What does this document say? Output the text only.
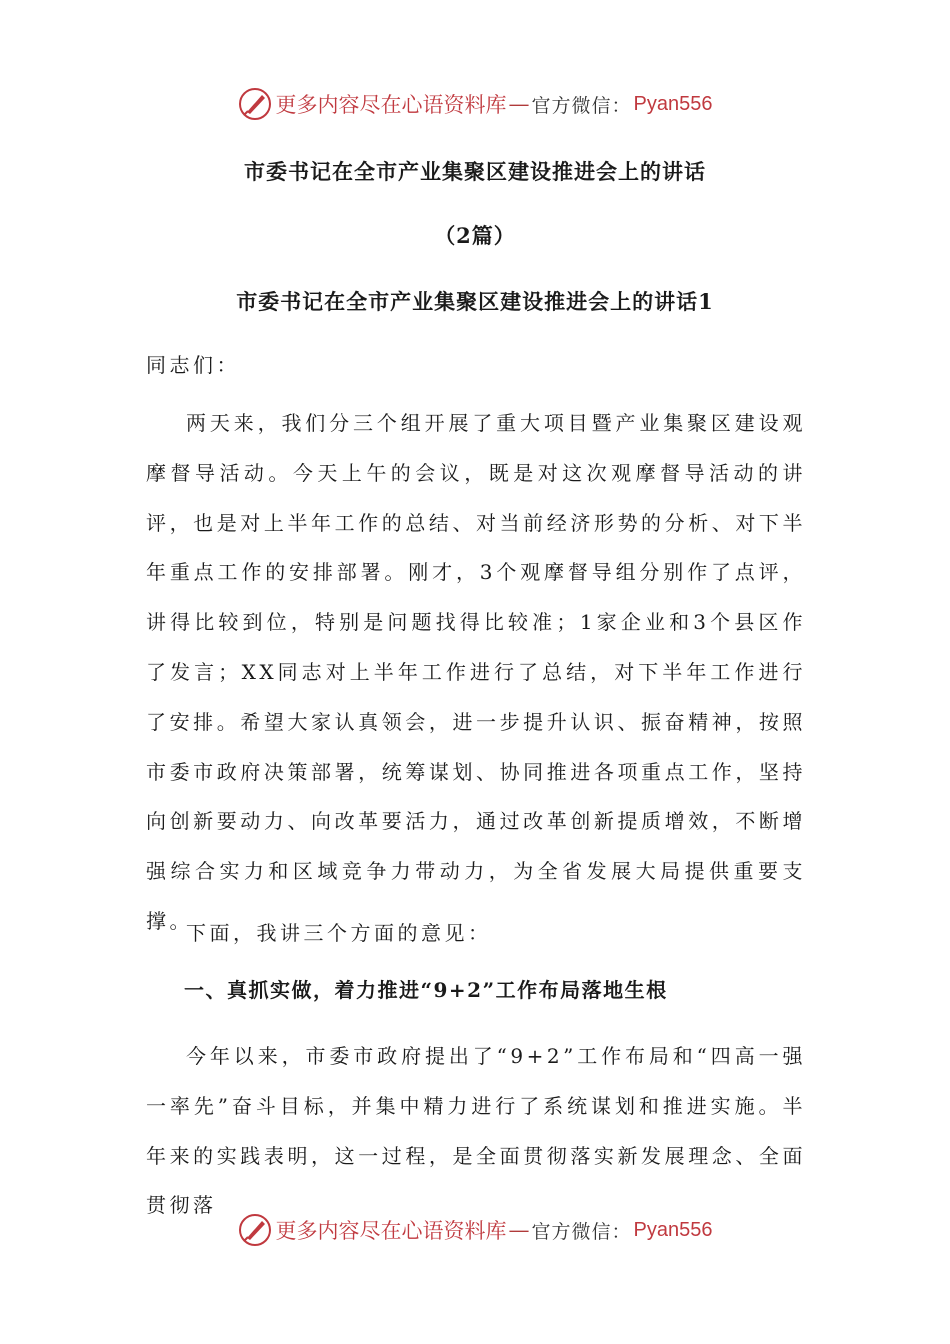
更多内容尽在心语资料库 — 官方微信： Pyan556
市委书记在全市产业集聚区建设推进会上的讲话
（2篇）
市委书记在全市产业集聚区建设推进会上的讲话1

同志们：

两天来，我们分三个组开展了重大项目暨产业集聚区建设观摩督导活动。今天上午的会议，既是对这次观摩督导活动的讲评，也是对上半年工作的总结、对当前经济形势的分析、对下半年重点工作的安排部署。刚才，3个观摩督导组分别作了点评，讲得比较到位，特别是问题找得比较准；1家企业和3个县区作了发言；XX同志对上半年工作进行了总结，对下半年工作进行了安排。希望大家认真领会，进一步提升认识、振奋精神，按照市委市政府决策部署，统筹谋划、协同推进各项重点工作，坚持向创新要动力、向改革要活力，通过改革创新提质增效，不断增强综合实力和区域竞争力带动力，为全省发展大局提供重要支撑。

下面，我讲三个方面的意见：

一、真抓实做，着力推进“9+2”工作布局落地生根

今年以来，市委市政府提出了“9+2”工作布局和“四高一强一率先”奋斗目标，并集中精力进行了系统谋划和推进实施。半年来的实践表明，这一过程，是全面贯彻落实新发展理念、全面贯彻落

更多内容尽在心语资料库 — 官方微信： Pyan556
